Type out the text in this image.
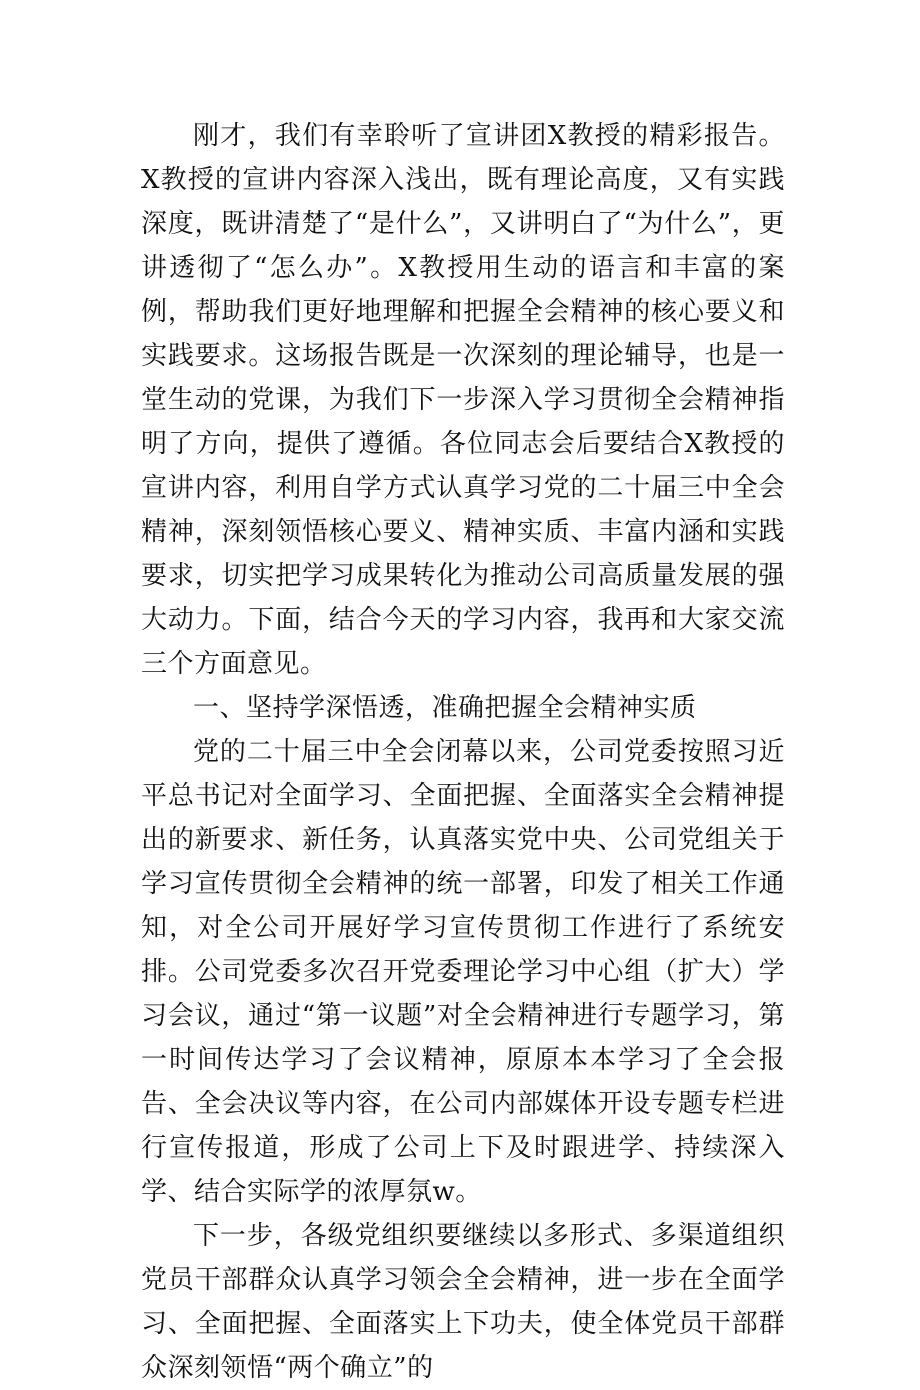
刚才，我们有幸聆听了宣讲团X教授的精彩报告。X教授的宣讲内容深入浅出，既有理论高度，又有实践深度，既讲清楚了“是什么”，又讲明白了“为什么”，更讲透彻了“怎么办”。X教授用生动的语言和丰富的案例，帮助我们更好地理解和把握全会精神的核心要义和实践要求。这场报告既是一次深刻的理论辅导，也是一堂生动的党课，为我们下一步深入学习贯彻全会精神指明了方向，提供了遵循。各位同志会后要结合X教授的宣讲内容，利用自学方式认真学习党的二十届三中全会精神，深刻领悟核心要义、精神实质、丰富内涵和实践要求，切实把学习成果转化为推动公司高质量发展的强大动力。下面，结合今天的学习内容，我再和大家交流三个方面意见。

一、坚持学深悟透，准确把握全会精神实质

党的二十届三中全会闭幕以来，公司党委按照习近平总书记对全面学习、全面把握、全面落实全会精神提出的新要求、新任务，认真落实党中央、公司党组关于学习宣传贯彻全会精神的统一部署，印发了相关工作通知，对全公司开展好学习宣传贯彻工作进行了系统安排。公司党委多次召开党委理论学习中心组（扩大）学习会议，通过“第一议题”对全会精神进行专题学习，第一时间传达学习了会议精神，原原本本学习了全会报告、全会决议等内容，在公司内部媒体开设专题专栏进行宣传报道，形成了公司上下及时跟进学、持续深入学、结合实际学的浓厚氛w。

下一步，各级党组织要继续以多形式、多渠道组织党员干部群众认真学习领会全会精神，进一步在全面学习、全面把握、全面落实上下功夫，使全体党员干部群众深刻领悟“两个确立”的
